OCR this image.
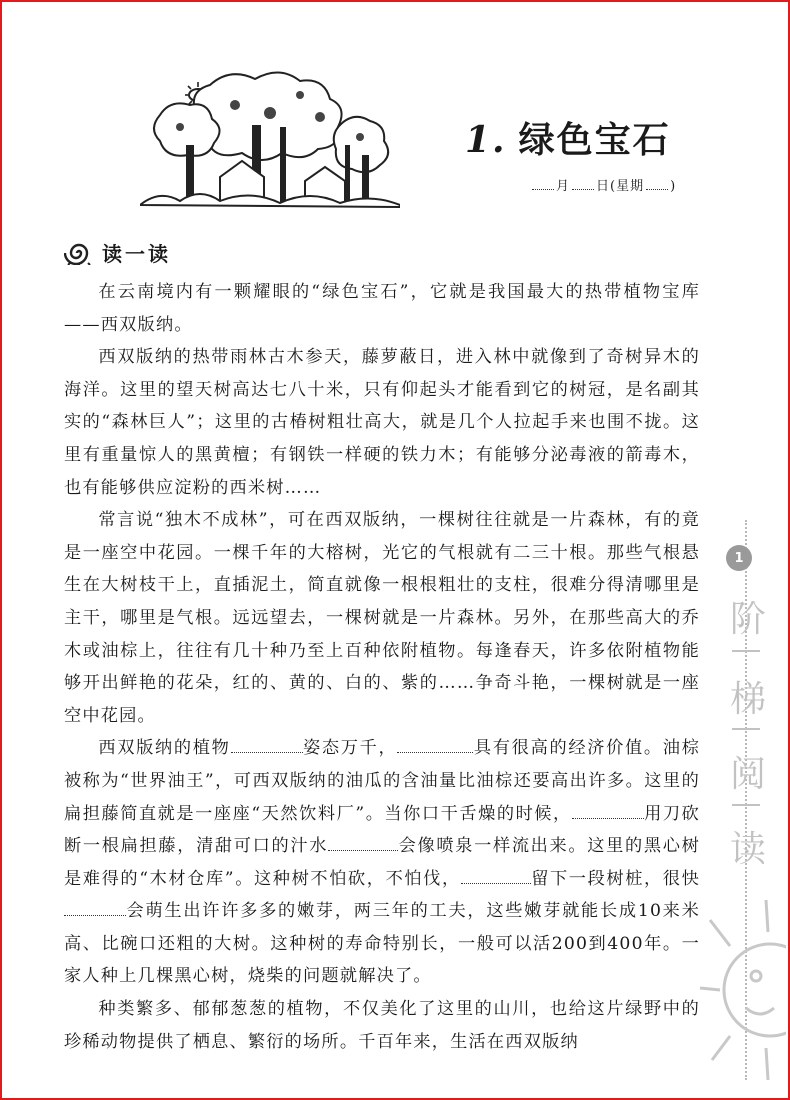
1. 绿色宝石
月 日(星期 )
读一读

在云南境内有一颗耀眼的“绿色宝石”，它就是我国最大的热带植物宝库——西双版纳。

西双版纳的热带雨林古木参天，藤萝蔽日，进入林中就像到了奇树异木的海洋。这里的望天树高达七八十米，只有仰起头才能看到它的树冠，是名副其实的“森林巨人”；这里的古椿树粗壮高大，就是几个人拉起手来也围不拢。这里有重量惊人的黑黄檀；有钢铁一样硬的铁力木；有能够分泌毒液的箭毒木，也有能够供应淀粉的西米树……

常言说“独木不成林”，可在西双版纳，一棵树往往就是一片森林，有的竟是一座空中花园。一棵千年的大榕树，光它的气根就有二三十根。那些气根悬生在大树枝干上，直插泥土，简直就像一根根粗壮的支柱，很难分得清哪里是主干，哪里是气根。远远望去，一棵树就是一片森林。另外，在那些高大的乔木或油棕上，往往有几十种乃至上百种依附植物。每逢春天，许多依附植物能够开出鲜艳的花朵，红的、黄的、白的、紫的……争奇斗艳，一棵树就是一座空中花园。

西双版纳的植物	姿态万千，	具有很高的经济价值。油棕被称为“世界油王”，可西双版纳的油瓜的含油量比油棕还要高出许多。这里的扁担藤简直就是一座座“天然饮料厂”。当你口干舌燥的时候，	用刀砍断一根扁担藤，清甜可口的汁水	会像喷泉一样流出来。这里的黑心树是难得的“木材仓库”。这种树不怕砍，不怕伐，	留下一段树桩，很快会萌生出许许多多的嫩芽，两三年的工夫，这些嫩芽就能长成10来米高、比碗口还粗的大树。这种树的寿命特别长，一般可以活200到400年。一家人种上几棵黑心树，烧柴的问题就解决了。

种类繁多、郁郁葱葱的植物，不仅美化了这里的山川，也给这片绿野中的珍稀动物提供了栖息、繁衍的场所。千百年来，生活在西双版纳

1
阶
梯
阅
读
